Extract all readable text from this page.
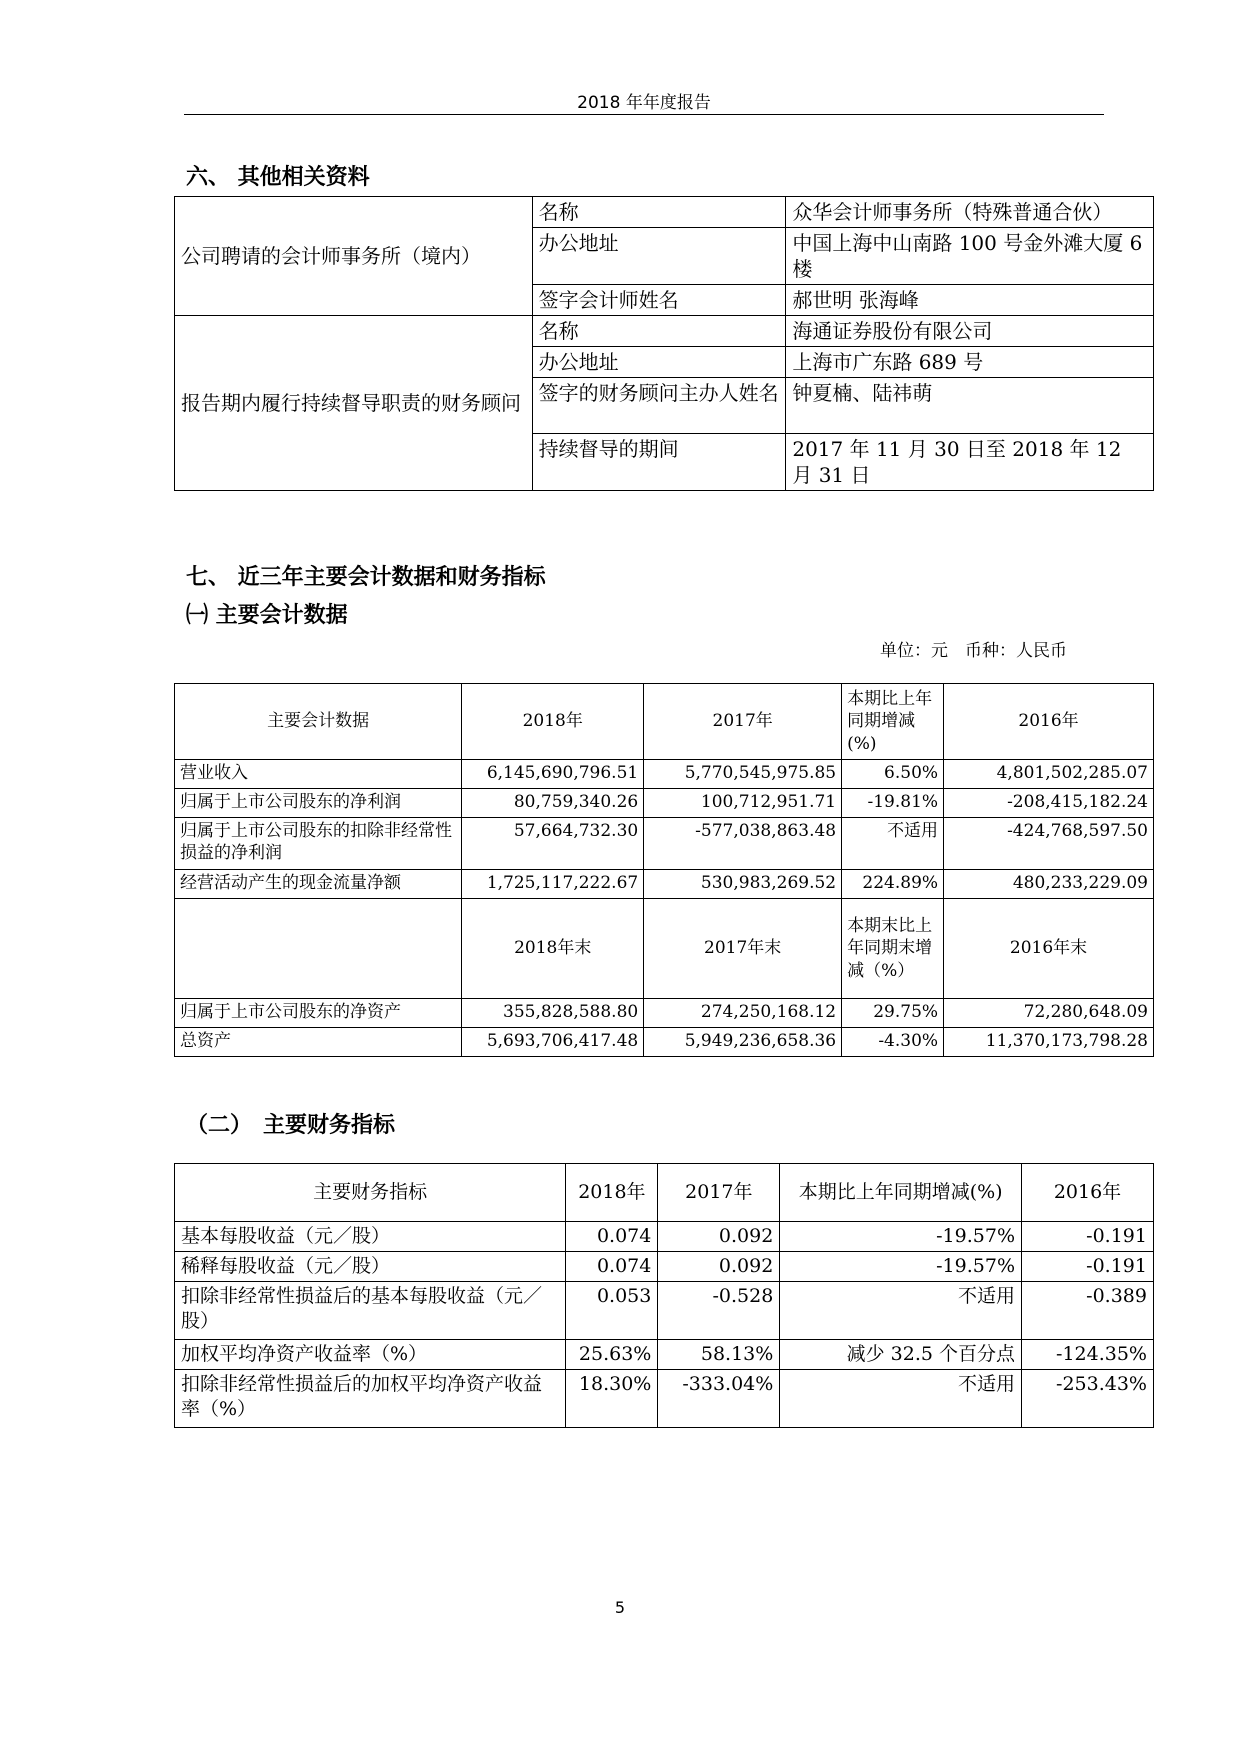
2018 年年度报告
六、 其他相关资料
公司聘请的会计师事务所（境内）	名称	众华会计师事务所（特殊普通合伙）
	办公地址	中国上海中山南路 100 号金外滩大厦 6 楼
	签字会计师姓名	郝世明 张海峰
报告期内履行持续督导职责的财务顾问	名称	海通证券股份有限公司
	办公地址	上海市广东路 689 号
	签字的财务顾问主办人姓名	钟夏楠、陆祎萌
	持续督导的期间	2017 年 11 月 30 日至 2018 年 12 月 31 日
七、 近三年主要会计数据和财务指标
㈠ 主要会计数据
单位：元　币种：人民币
主要会计数据	2018年	2017年	本期比上年同期增减(%)	2016年
营业收入	6,145,690,796.51	5,770,545,975.85	6.50%	4,801,502,285.07
归属于上市公司股东的净利润	80,759,340.26	100,712,951.71	-19.81%	-208,415,182.24
归属于上市公司股东的扣除非经常性损益的净利润	57,664,732.30	-577,038,863.48	不适用	-424,768,597.50
经营活动产生的现金流量净额	1,725,117,222.67	530,983,269.52	224.89%	480,233,229.09
	2018年末	2017年末	本期末比上年同期末增减（%）	2016年末
归属于上市公司股东的净资产	355,828,588.80	274,250,168.12	29.75%	72,280,648.09
总资产	5,693,706,417.48	5,949,236,658.36	-4.30%	11,370,173,798.28
（二）　主要财务指标
主要财务指标	2018年	2017年	本期比上年同期增减(%)	2016年
基本每股收益（元／股）	0.074	0.092	-19.57%	-0.191
稀释每股收益（元／股）	0.074	0.092	-19.57%	-0.191
扣除非经常性损益后的基本每股收益（元／股）	0.053	-0.528	不适用	-0.389
加权平均净资产收益率（%）	25.63%	58.13%	减少 32.5 个百分点	-124.35%
扣除非经常性损益后的加权平均净资产收益率（%）	18.30%	-333.04%	不适用	-253.43%
5
